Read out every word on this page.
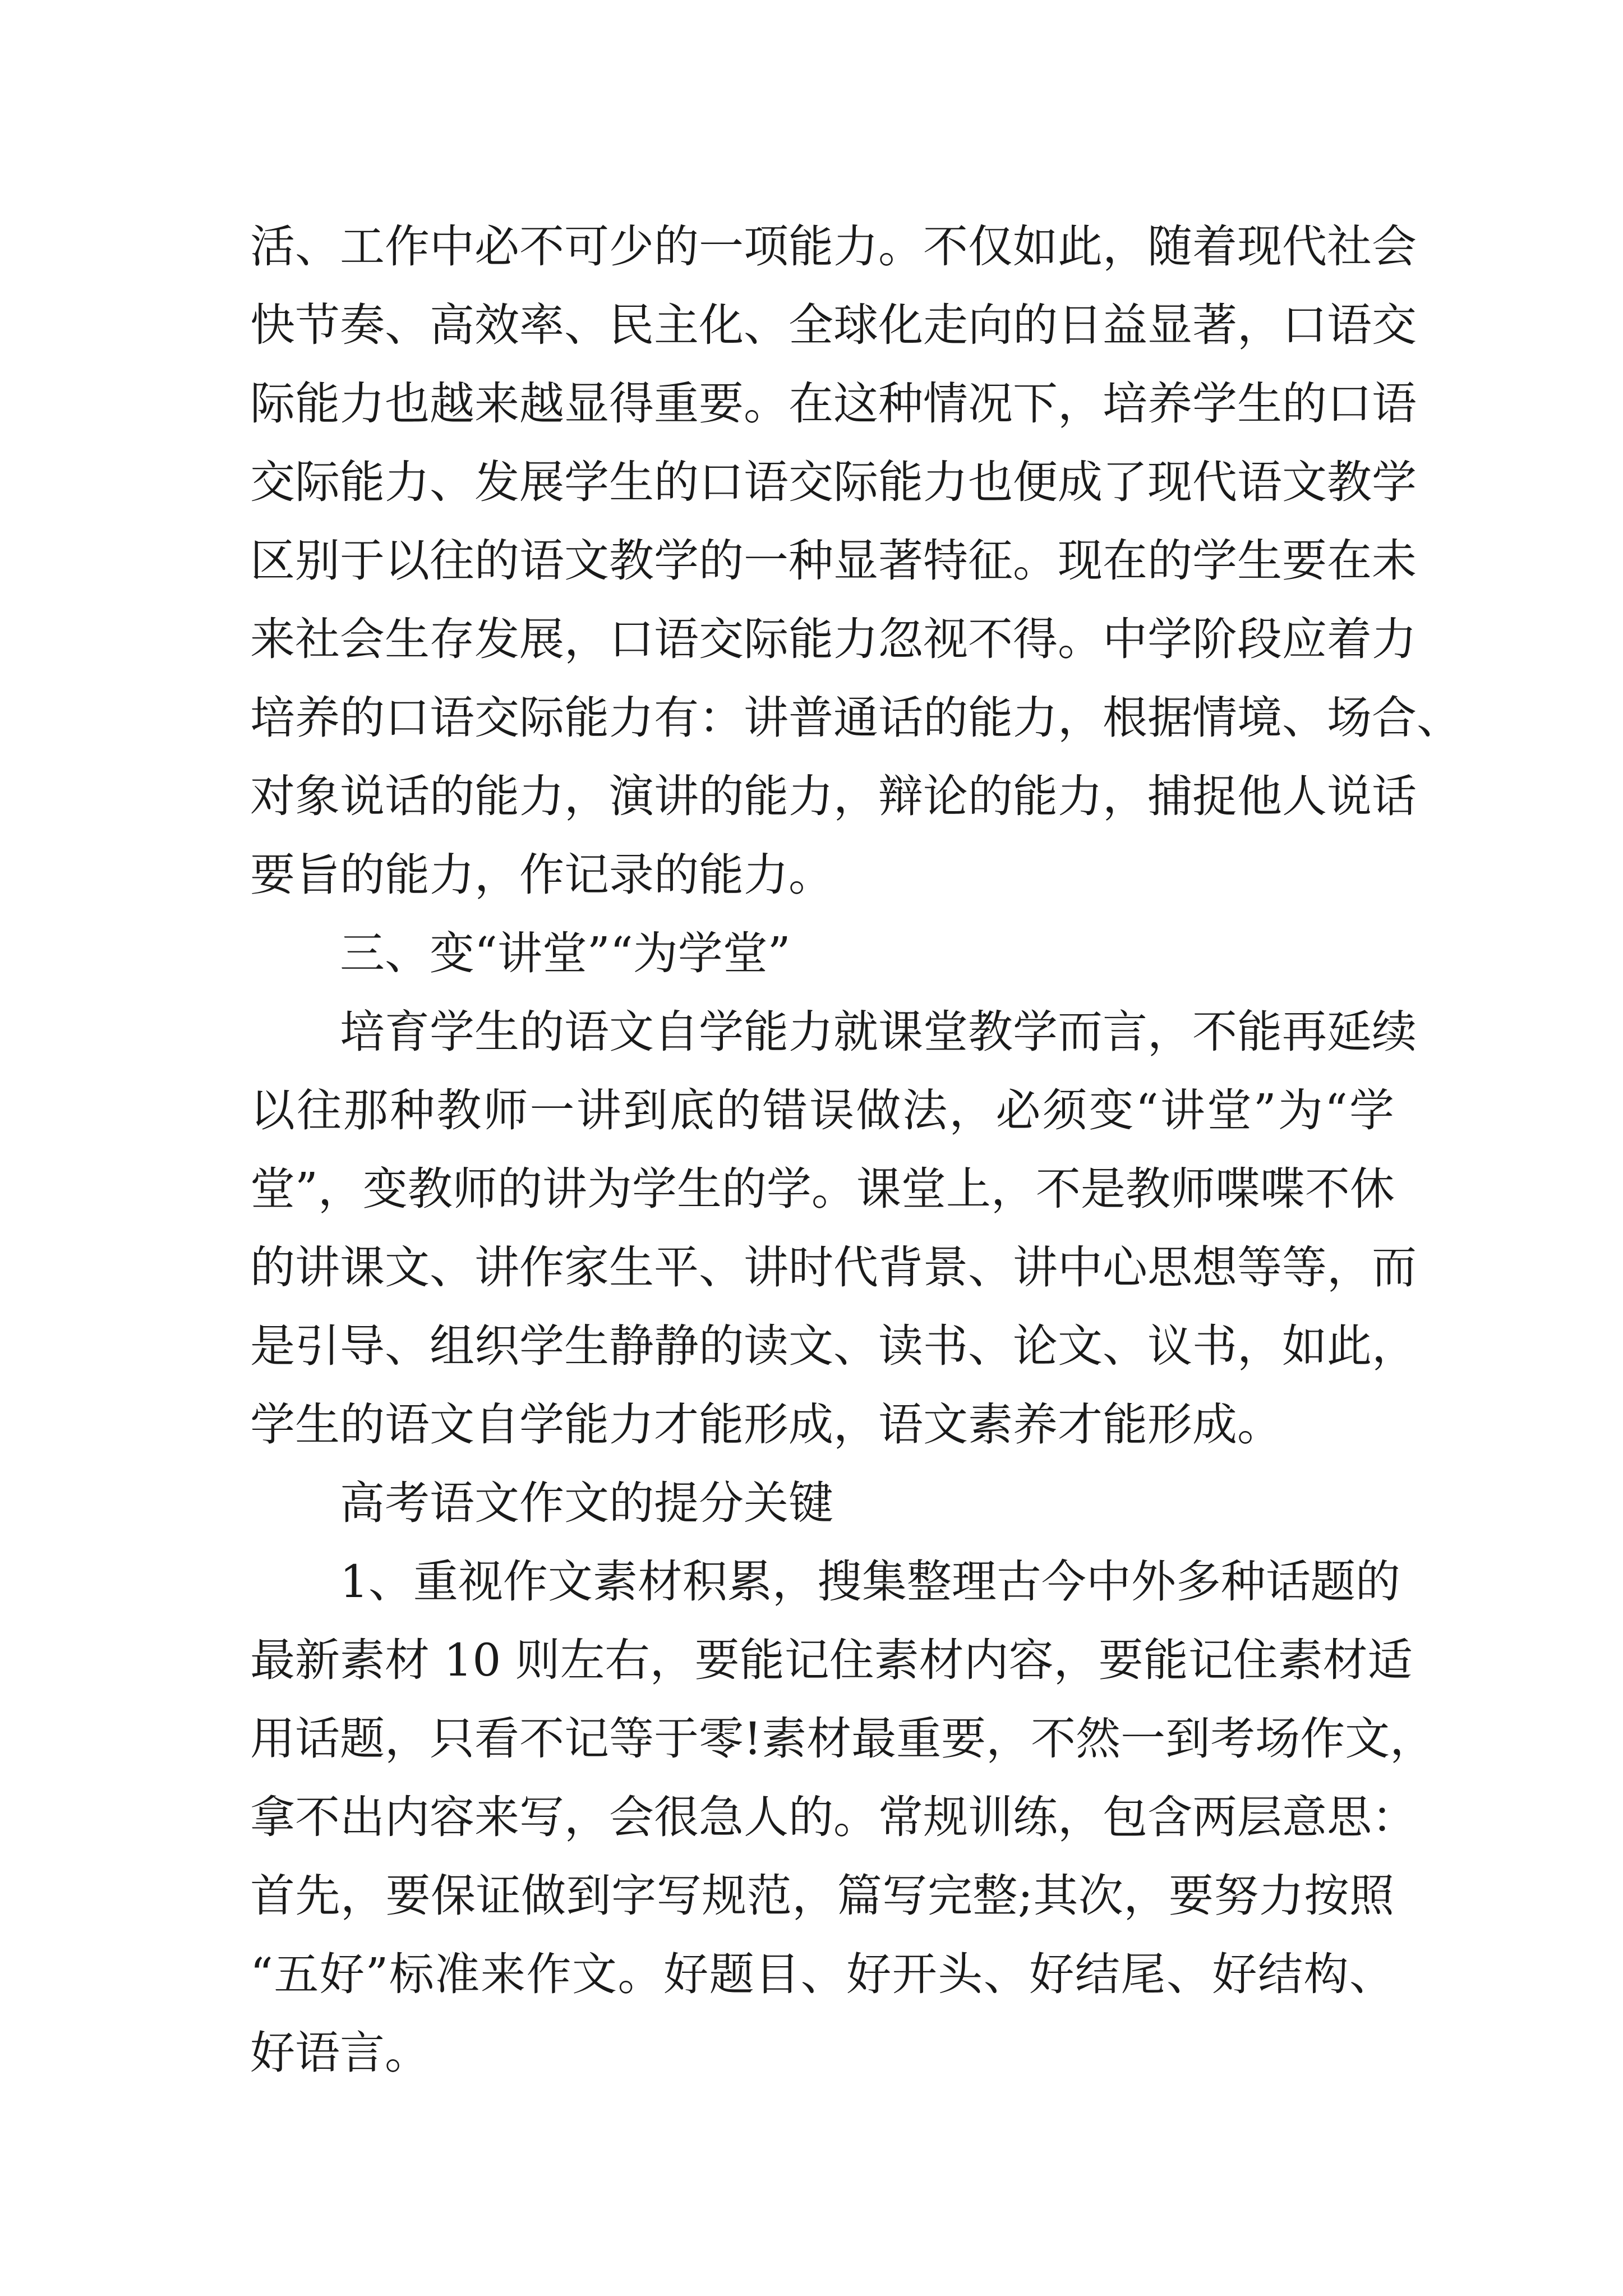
活、工作中必不可少的一项能力。不仅如此，随着现代社会
快节奏、高效率、民主化、全球化走向的日益显著，口语交
际能力也越来越显得重要。在这种情况下，培养学生的口语
交际能力、发展学生的口语交际能力也便成了现代语文教学
区别于以往的语文教学的一种显著特征。现在的学生要在未
来社会生存发展，口语交际能力忽视不得。中学阶段应着力
培养的口语交际能力有：讲普通话的能力，根据情境、场合、
对象说话的能力，演讲的能力，辩论的能力，捕捉他人说话
要旨的能力，作记录的能力。
三、变“讲堂”“为学堂”
培育学生的语文自学能力就课堂教学而言，不能再延续
以往那种教师一讲到底的错误做法，必须变“讲堂”为“学
堂”，变教师的讲为学生的学。课堂上，不是教师喋喋不休
的讲课文、讲作家生平、讲时代背景、讲中心思想等等，而
是引导、组织学生静静的读文、读书、论文、议书，如此，
学生的语文自学能力才能形成，语文素养才能形成。
高考语文作文的提分关键
1、重视作文素材积累，搜集整理古今中外多种话题的
最新素材 10 则左右，要能记住素材内容，要能记住素材适
用话题，只看不记等于零!素材最重要，不然一到考场作文，
拿不出内容来写，会很急人的。常规训练，包含两层意思：
首先，要保证做到字写规范，篇写完整;其次，要努力按照
“五好”标准来作文。好题目、好开头、好结尾、好结构、
好语言。
